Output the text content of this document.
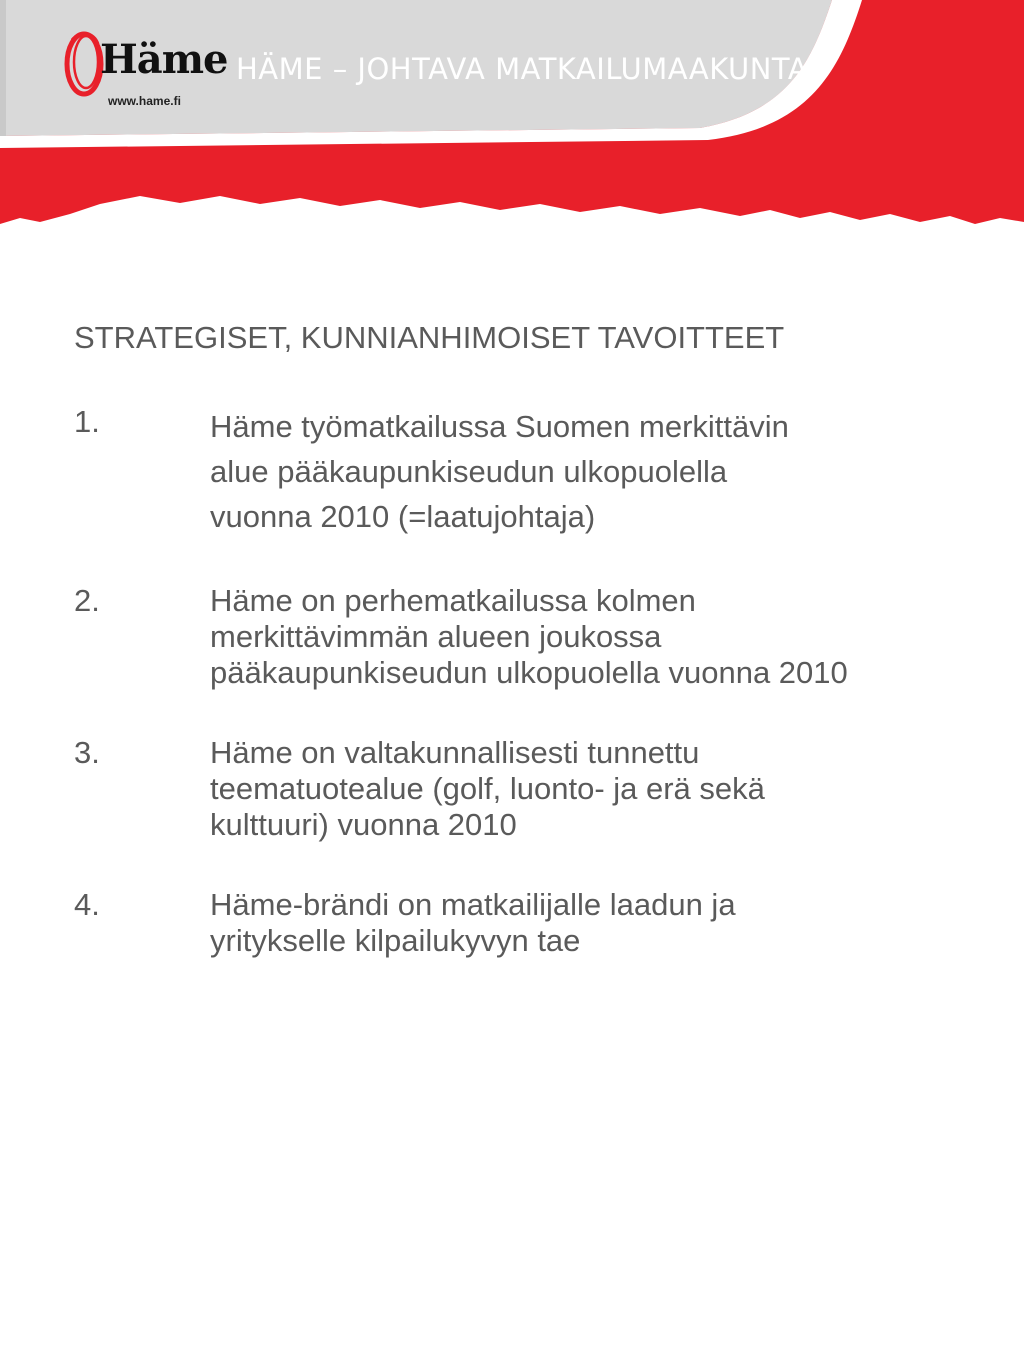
Häme
www.hame.fi
HÄME – JOHTAVA MATKAILUMAAKUNTA
STRATEGISET, KUNNIANHIMOISET TAVOITTEET
1.	Häme työmatkailussa Suomen merkittävin
alue pääkaupunkiseudun ulkopuolella
vuonna 2010 (=laatujohtaja)
2.	Häme on perhematkailussa kolmen
merkittävimmän alueen joukossa
pääkaupunkiseudun ulkopuolella vuonna 2010
3.	Häme on valtakunnallisesti tunnettu
teematuotealue (golf, luonto- ja erä sekä
kulttuuri) vuonna 2010
4.	Häme-brändi on matkailijalle laadun ja
yritykselle kilpailukyvyn tae
